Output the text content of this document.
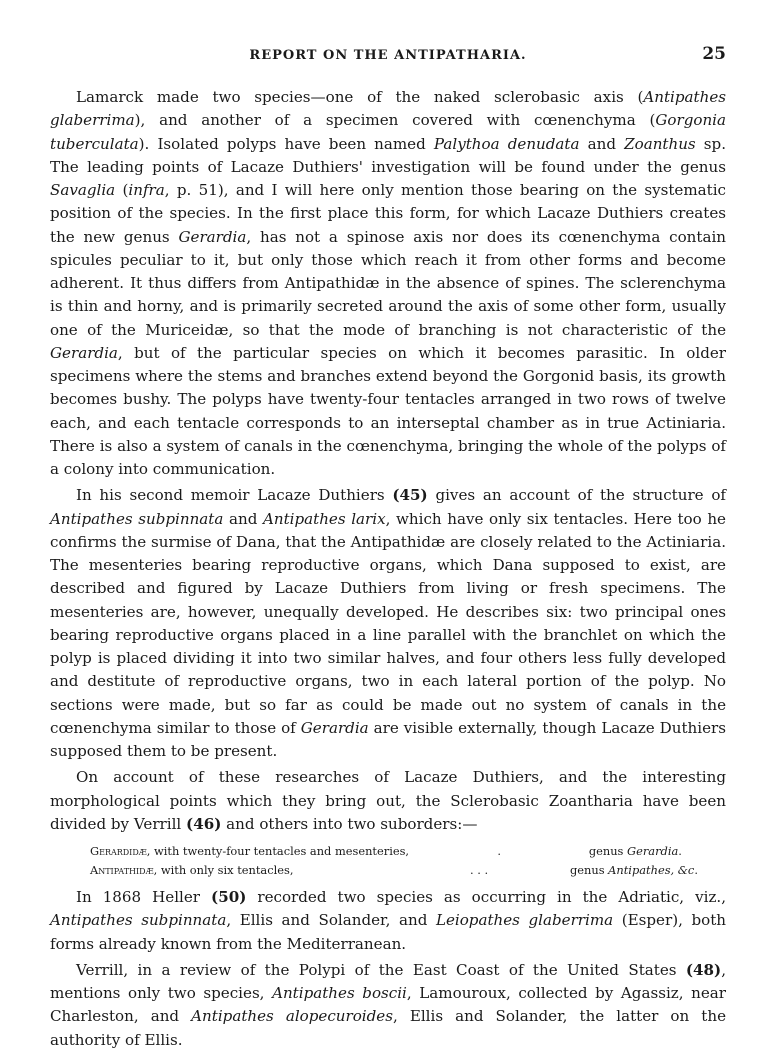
REPORT ON THE ANTIPATHARIA.	25

Lamarck made two species—one of the naked sclerobasic axis (Antipathes glaberrima), and another of a specimen covered with cœnenchyma (Gorgonia tuberculata). Isolated polyps have been named Palythoa denudata and Zoanthus sp. The leading points of Lacaze Duthiers' investigation will be found under the genus Savaglia (infra, p. 51), and I will here only mention those bearing on the systematic position of the species. In the first place this form, for which Lacaze Duthiers creates the new genus Gerardia, has not a spinose axis nor does its cœnenchyma contain spicules peculiar to it, but only those which reach it from other forms and become adherent. It thus differs from Antipathidæ in the absence of spines. The sclerenchyma is thin and horny, and is primarily secreted around the axis of some other form, usually one of the Muriceidæ, so that the mode of branching is not characteristic of the Gerardia, but of the particular species on which it becomes parasitic. In older specimens where the stems and branches extend beyond the Gorgonid basis, its growth becomes bushy. The polyps have twenty-four tentacles arranged in two rows of twelve each, and each tentacle corresponds to an interseptal chamber as in true Actiniaria. There is also a system of canals in the cœnenchyma, bringing the whole of the polyps of a colony into communication.

In his second memoir Lacaze Duthiers (45) gives an account of the structure of Antipathes subpinnata and Antipathes larix, which have only six tentacles. Here too he confirms the surmise of Dana, that the Antipathidæ are closely related to the Actiniaria. The mesenteries bearing reproductive organs, which Dana supposed to exist, are described and figured by Lacaze Duthiers from living or fresh specimens. The mesenteries are, however, unequally developed. He describes six: two principal ones bearing reproductive organs placed in a line parallel with the branchlet on which the polyp is placed dividing it into two similar halves, and four others less fully developed and destitute of reproductive organs, two in each lateral portion of the polyp. No sections were made, but so far as could be made out no system of canals in the cœnenchyma similar to those of Gerardia are visible externally, though Lacaze Duthiers supposed them to be present.

On account of these researches of Lacaze Duthiers, and the interesting morphological points which they bring out, the Sclerobasic Zoantharia have been divided by Verrill (46) and others into two suborders:—

Gerardidæ, with twenty-four tentacles and mesenteries,	.	genus Gerardia.
Antipathidæ, with only six tentacles,	. . .	genus Antipathes, &c.

In 1868 Heller (50) recorded two species as occurring in the Adriatic, viz., Antipathes subpinnata, Ellis and Solander, and Leiopathes glaberrima (Esper), both forms already known from the Mediterranean.

Verrill, in a review of the Polypi of the East Coast of the United States (48), mentions only two species, Antipathes boscii, Lamouroux, collected by Agassiz, near Charleston, and Antipathes alopecuroides, Ellis and Solander, the latter on the authority of Ellis.
